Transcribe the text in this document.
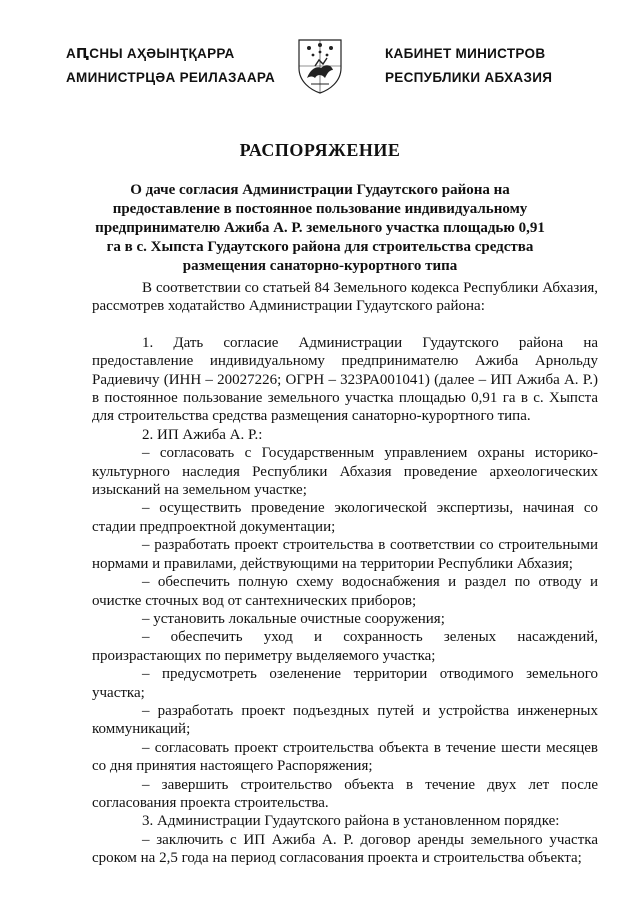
АԤСНЫ АҲӘЫНҬҚАРРА
АМИНИСТРЦӘА РЕИЛАЗААРА
КАБИНЕТ МИНИСТРОВ
РЕСПУБЛИКИ АБХАЗИЯ
РАСПОРЯЖЕНИЕ
О даче согласия Администрации Гудаутского района на предоставление в постоянное пользование индивидуальному предпринимателю Ажиба А. Р. земельного участка площадью 0,91 га в с. Хыпста Гудаутского района для строительства средства размещения санаторно-курортного типа

В соответствии со статьей 84 Земельного кодекса Республики Абхазия, рассмотрев ходатайство Администрации Гудаутского района:

1. Дать согласие Администрации Гудаутского района на предоставление индивидуальному предпринимателю Ажиба Арнольду Радиевичу (ИНН – 20027226; ОГРН – 323РА001041) (далее – ИП Ажиба А. Р.) в постоянное пользование земельного участка площадью 0,91 га в с. Хыпста для строительства средства размещения санаторно-курортного типа.

2. ИП Ажиба А. Р.:

– согласовать с Государственным управлением охраны историко-культурного наследия Республики Абхазия проведение археологических изысканий на земельном участке;

– осуществить проведение экологической экспертизы, начиная со стадии предпроектной документации;

– разработать проект строительства в соответствии со строительными нормами и правилами, действующими на территории Республики Абхазия;

– обеспечить полную схему водоснабжения и раздел по отводу и очистке сточных вод от сантехнических приборов;

– установить локальные очистные сооружения;

– обеспечить уход и сохранность зеленых насаждений, произрастающих по периметру выделяемого участка;

– предусмотреть озеленение территории отводимого земельного участка;

– разработать проект подъездных путей и устройства инженерных коммуникаций;

– согласовать проект строительства объекта в течение шести месяцев со дня принятия настоящего Распоряжения;

– завершить строительство объекта в течение двух лет после согласования проекта строительства.

3. Администрации Гудаутского района в установленном порядке:

– заключить с ИП Ажиба А. Р. договор аренды земельного участка сроком на 2,5 года на период согласования проекта и строительства объекта;
